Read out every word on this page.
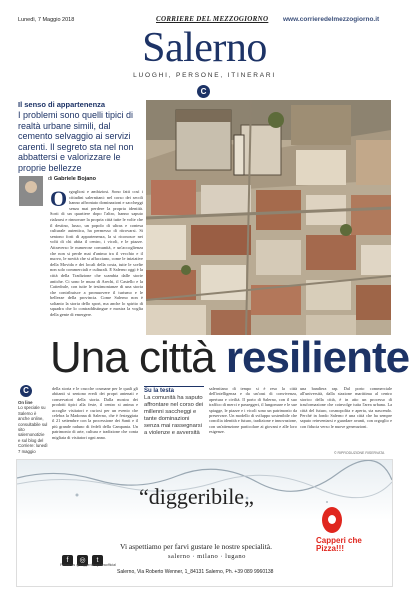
Lunedì, 7 Maggio 2018	CORRIERE DEL MEZZOGIORNO www.corrieredelmezzogiorno.it
Salerno
LUOGHI, PERSONE, ITINERARI
C
Il senso di appartenenza
I problemi sono quelli tipici di realtà urbane simili, dal cemento selvaggio ai servizi carenti. Il segreto sta nel non abbattersi e valorizzare le proprie bellezze
di Gabriele Bojano
O rgogliosi e ambiziosi. Sono fatti così i cittadini salernitani: nel corso dei secoli hanno affrontato dominazioni e saccheggi senza mai perdere la propria identità. Sorti di un quartiere dopo l'altro, hanno saputo rialzarsi e rinnovare la propria città tutte le volte che il destino, lusso, un popolo di ultras e contesa culturale autentica, ha permesso di ritrovarsi. Si sentono forti di appartenenza, la si riconosce nei volti di chi abita il centro, i vicoli, e le piazze. Attraverso le numerose comunità, e un'accoglienza che non si perde mai d'animo tra il vecchio e il nuovo, le novità che si affacciano, come le iniziative della Movida e dei locali della costa, tutte le scelte non solo commerciali e culturali. E Salerno oggi è la città della Tradizione che scambia dalle storie antiche. Ci sono le mura di Arechi, il Castello e la Cattedrale, con tutte le testimonianze di una storia che contribuisce a promuovere il turismo e le bellezze della provincia. Come Salerno non è soltanto la storia dello sport, ma anche lo spirito di squadra che lo contraddistingue e mostra la voglia della gente di emergere.
Una città resiliente
C
On line
Lo speciale su Salerno è anche online, consultabile sul sito salernonotizie e sul blog del Corriere: lunedì 7 maggio
della storia e le crucche cosmane per le quali gli abitanti si sentono eredi dei propri antenati e conservatori della storia. Dalla mostra dei prodotti tipici alla feste, il centro si anima e accoglie visitatori e curiosi per un evento che celebra la Madonna di Salerno, che è festeggiata il 21 settembre con la processione dei Santi e il più grande raduno di fedeli della Campania. Un patrimonio di arte, cultura e tradizione che conta migliaia di visitatori ogni anno.
Su la testa
La comunità ha saputo affrontare nel corso dei millenni saccheggi e tante dominazioni senza mai rassegnarsi a violenze e avversità
salernitano di tempo si è reso la città dell'intelligenza e da un'oasi di convivenza, apertura e civiltà. Il porto di Salerno, con il suo traffico di merci e passeggeri, il lungomare e le sue spiagge, le piazze e i vicoli sono un patrimonio da preservare. Un modello di sviluppo sostenibile che concilia identità e futuro, tradizione e innovazione, con un'attenzione particolare ai giovani e alle loro esigenze.
una bandiera rap. Dal porto commerciale all'università, dalla stazione marittima al centro storico della città, è in atto un processo di trasformazione che coinvolge tutta l'area urbana. La città del futuro, cosmopolita e aperta, sta nascendo. Perché in fondo Salerno è una città che ha sempre saputo reinventarsi e guardare avanti, con orgoglio e con fiducia verso le nuove generazioni.
© RIPRODUZIONE RISERVATA
“diggeribile„
f ◎ t
Follow us @capperichepizzaofficial
Vi aspettiamo per farvi gustare le nostre specialità.
salerno · milano · lugano
Salerno, Via Roberto Wenner, 1_84131 Salerno, Ph. +39 089 9960138
Capperi che Pizza!!!
